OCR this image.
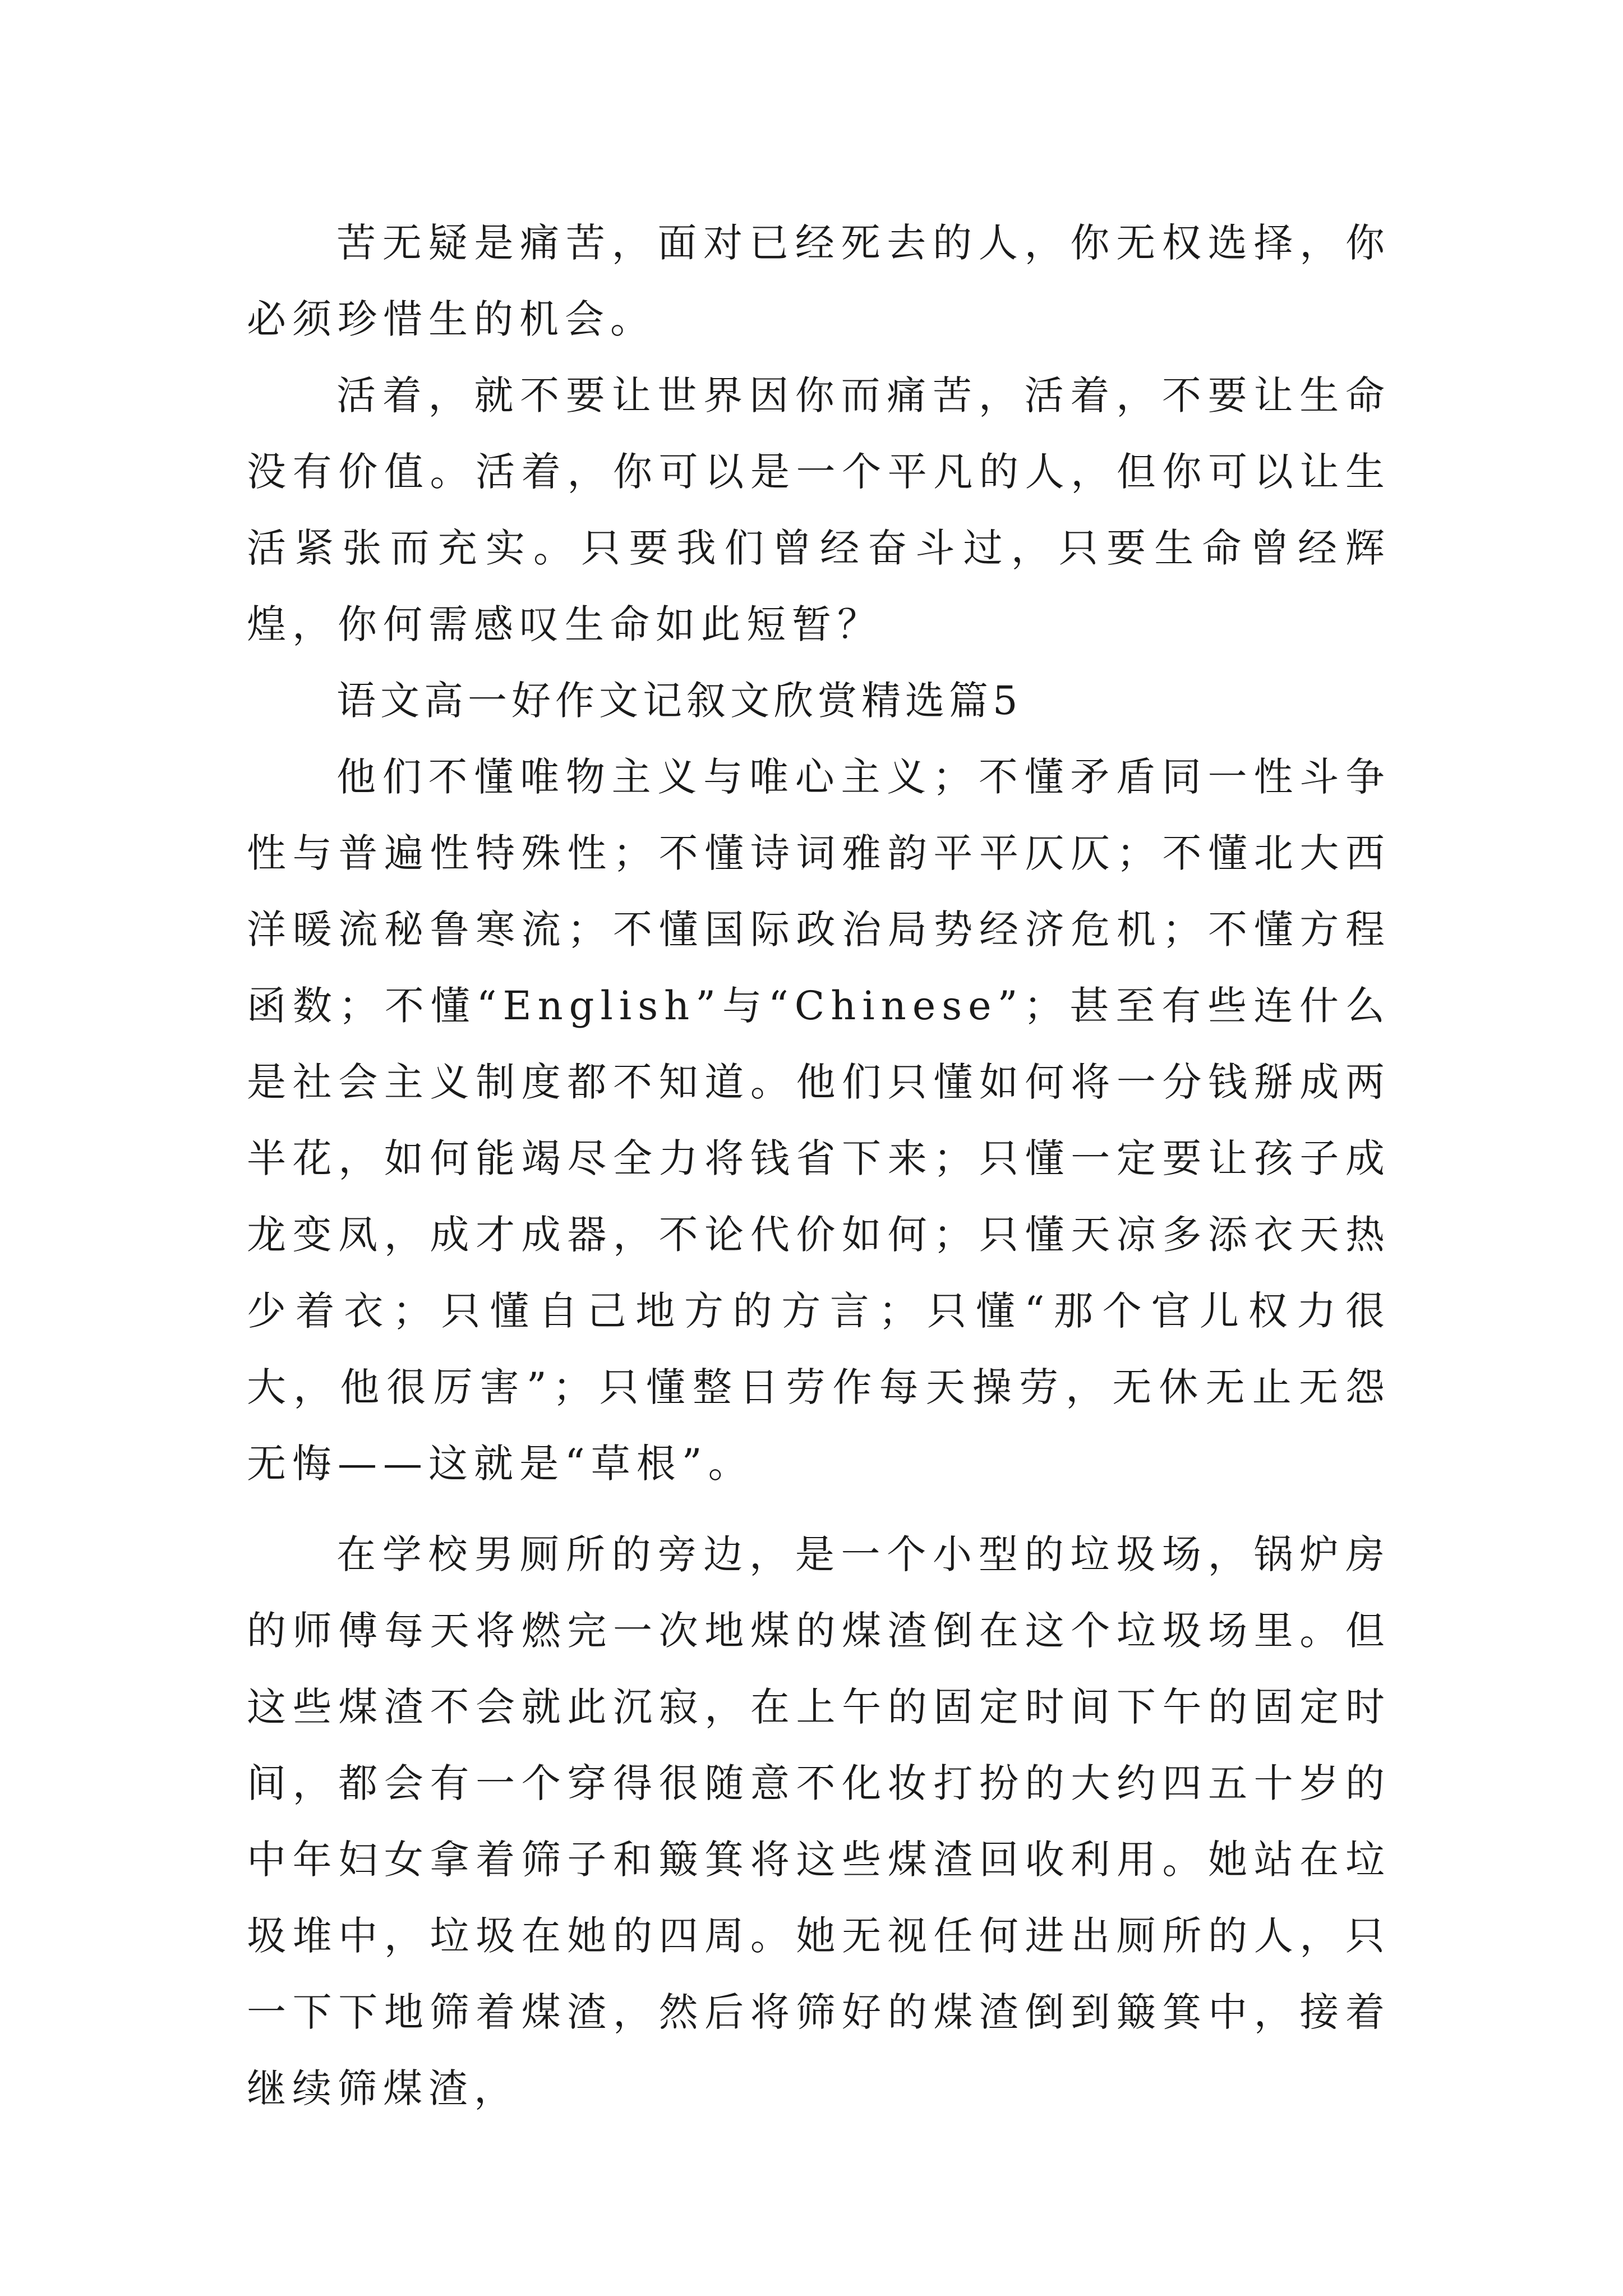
苦无疑是痛苦，面对已经死去的人，你无权选择，你必须珍惜生的机会。

活着，就不要让世界因你而痛苦，活着，不要让生命没有价值。活着，你可以是一个平凡的人，但你可以让生活紧张而充实。只要我们曾经奋斗过，只要生命曾经辉煌，你何需感叹生命如此短暂？

语文高一好作文记叙文欣赏精选篇5

他们不懂唯物主义与唯心主义；不懂矛盾同一性斗争性与普遍性特殊性；不懂诗词雅韵平平仄仄；不懂北大西洋暖流秘鲁寒流；不懂国际政治局势经济危机；不懂方程函数；不懂“English”与“Chinese”；甚至有些连什么是社会主义制度都不知道。他们只懂如何将一分钱掰成两半花，如何能竭尽全力将钱省下来；只懂一定要让孩子成龙变凤，成才成器，不论代价如何；只懂天凉多添衣天热少着衣；只懂自己地方的方言；只懂“那个官儿权力很大，他很厉害”；只懂整日劳作每天操劳，无休无止无怨无悔——这就是“草根”。

在学校男厕所的旁边，是一个小型的垃圾场，锅炉房的师傅每天将燃完一次地煤的煤渣倒在这个垃圾场里。但这些煤渣不会就此沉寂，在上午的固定时间下午的固定时间，都会有一个穿得很随意不化妆打扮的大约四五十岁的中年妇女拿着筛子和簸箕将这些煤渣回收利用。她站在垃圾堆中，垃圾在她的四周。她无视任何进出厕所的人，只一下下地筛着煤渣，然后将筛好的煤渣倒到簸箕中，接着继续筛煤渣，
